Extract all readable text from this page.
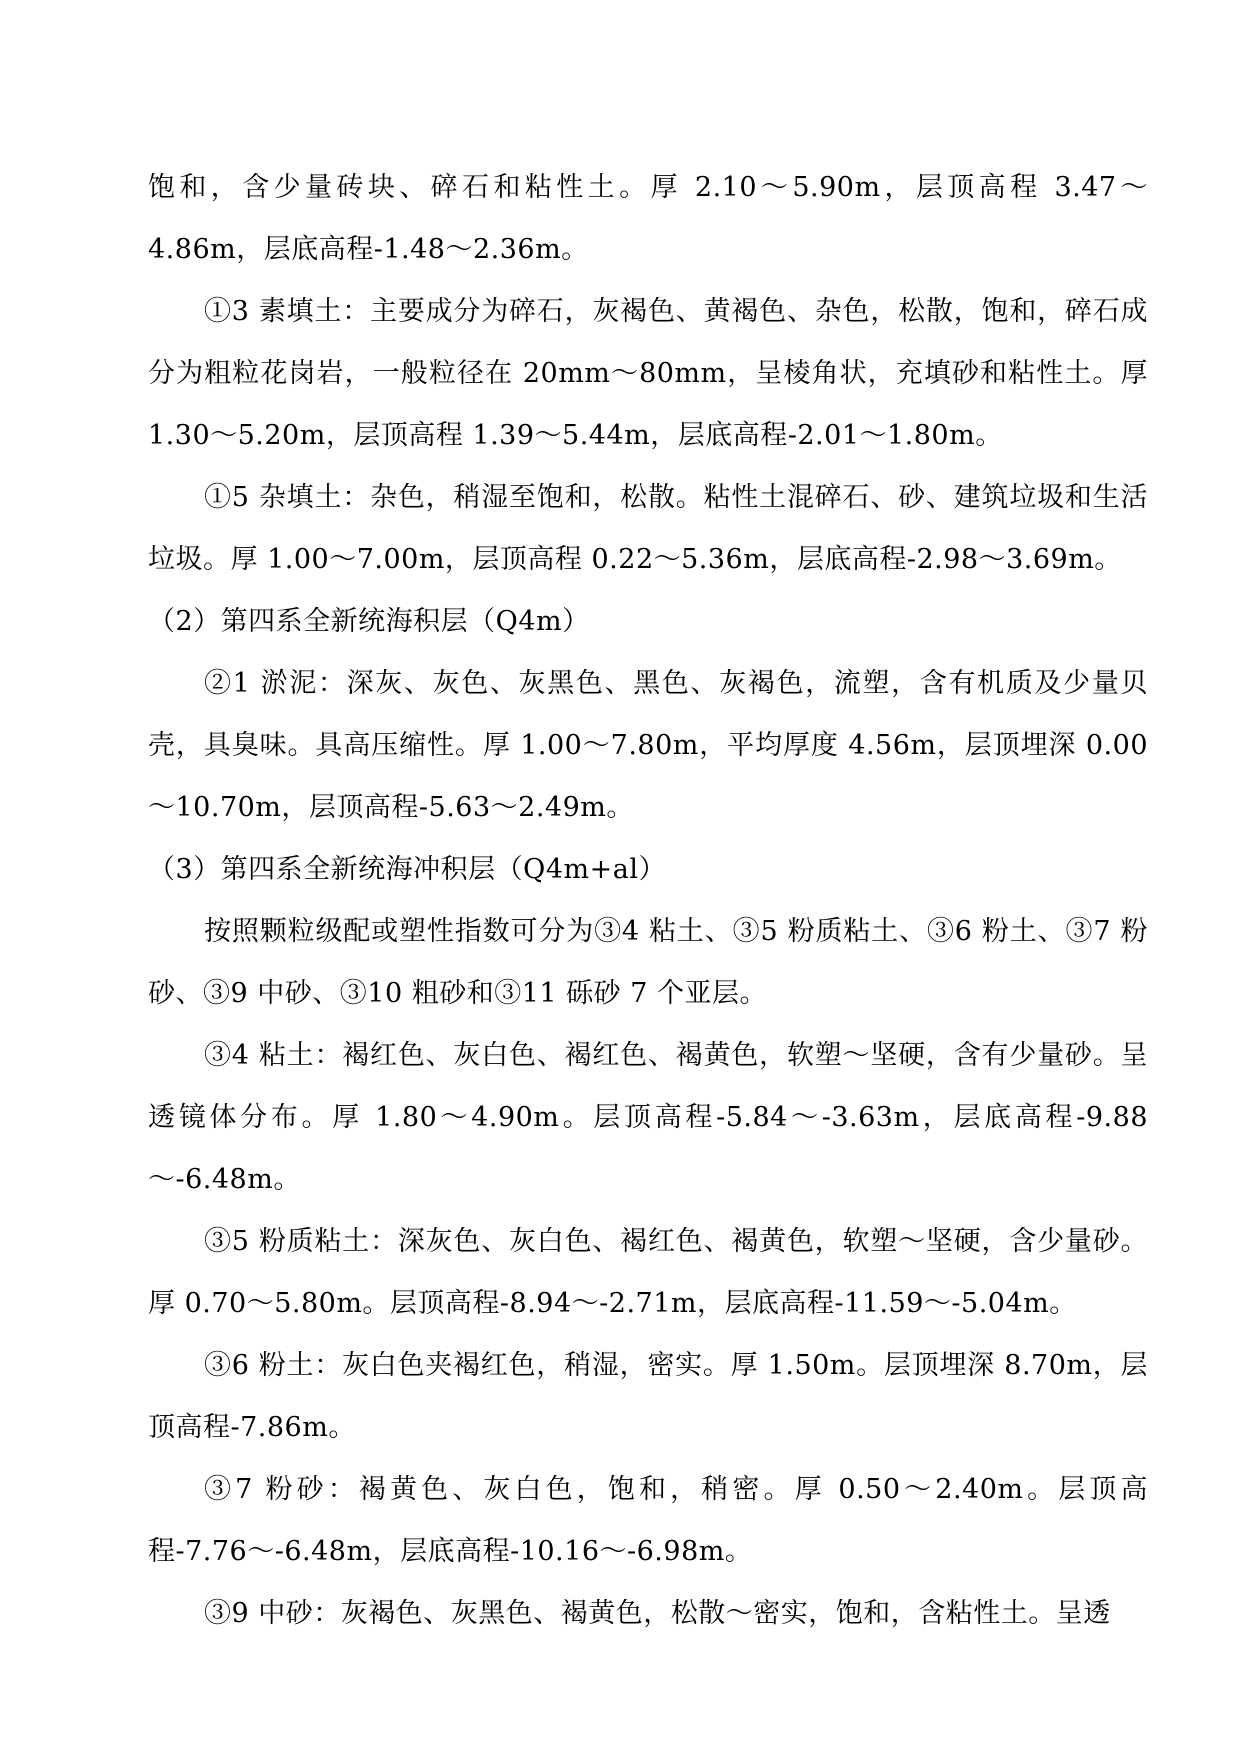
饱和，含少量砖块、碎石和粘性土。厚 2.10～5.90m，层顶高程 3.47～4.86m，层底高程-1.48～2.36m。

①3 素填土：主要成分为碎石，灰褐色、黄褐色、杂色，松散，饱和，碎石成分为粗粒花岗岩，一般粒径在 20mm～80mm，呈棱角状，充填砂和粘性土。厚 1.30～5.20m，层顶高程 1.39～5.44m，层底高程-2.01～1.80m。

①5 杂填土：杂色，稍湿至饱和，松散。粘性土混碎石、砂、建筑垃圾和生活垃圾。厚 1.00～7.00m，层顶高程 0.22～5.36m，层底高程-2.98～3.69m。

（2）第四系全新统海积层（Q4m）

②1 淤泥：深灰、灰色、灰黑色、黑色、灰褐色，流塑，含有机质及少量贝壳，具臭味。具高压缩性。厚 1.00～7.80m，平均厚度 4.56m，层顶埋深 0.00～10.70m，层顶高程-5.63～2.49m。

（3）第四系全新统海冲积层（Q4m+al）

按照颗粒级配或塑性指数可分为③4 粘土、③5 粉质粘土、③6 粉土、③7 粉砂、③9 中砂、③10 粗砂和③11 砾砂 7 个亚层。

③4 粘土：褐红色、灰白色、褐红色、褐黄色，软塑～坚硬，含有少量砂。呈透镜体分布。厚 1.80～4.90m。层顶高程-5.84～-3.63m，层底高程-9.88～-6.48m。

③5 粉质粘土：深灰色、灰白色、褐红色、褐黄色，软塑～坚硬，含少量砂。厚 0.70～5.80m。层顶高程-8.94～-2.71m，层底高程-11.59～-5.04m。

③6 粉土：灰白色夹褐红色，稍湿，密实。厚 1.50m。层顶埋深 8.70m，层顶高程-7.86m。

③7 粉砂：褐黄色、灰白色，饱和，稍密。厚 0.50～2.40m。层顶高程-7.76～-6.48m，层底高程-10.16～-6.98m。

③9 中砂：灰褐色、灰黑色、褐黄色，松散～密实，饱和，含粘性土。呈透
